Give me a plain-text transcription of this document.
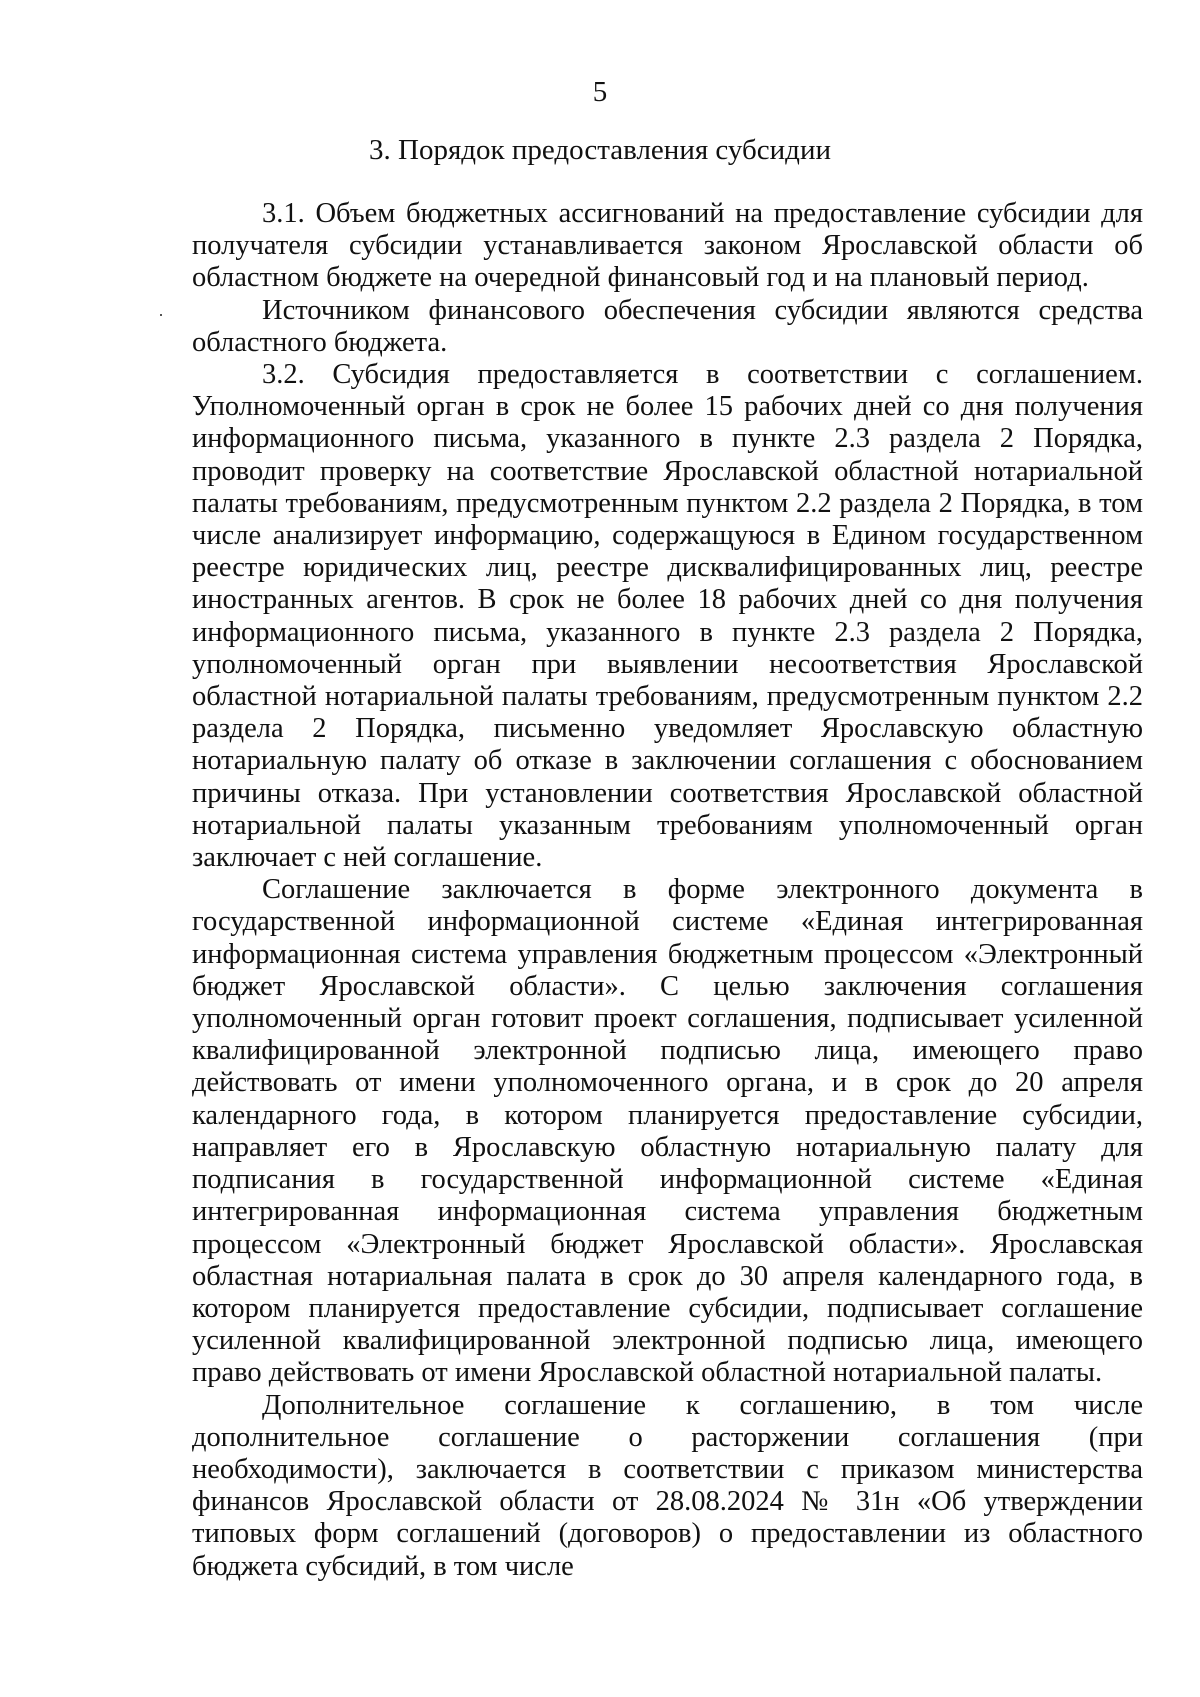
5
3. Порядок предоставления субсидии

3.1. Объем бюджетных ассигнований на предоставление субсидии для получателя субсидии устанавливается законом Ярославской области об областном бюджете на очередной финансовый год и на плановый период.

Источником финансового обеспечения субсидии являются средства областного бюджета.

3.2. Субсидия предоставляется в соответствии с соглашением. Уполномоченный орган в срок не более 15 рабочих дней со дня получения информационного письма, указанного в пункте 2.3 раздела 2 Порядка, проводит проверку на соответствие Ярославской областной нотариальной палаты требованиям, предусмотренным пунктом 2.2 раздела 2 Порядка, в том числе анализирует информацию, содержащуюся в Едином государственном реестре юридических лиц, реестре дисквалифицированных лиц, реестре иностранных агентов. В срок не более 18 рабочих дней со дня получения информационного письма, указанного в пункте 2.3 раздела 2 Порядка, уполномоченный орган при выявлении несоответствия Ярославской областной нотариальной палаты требованиям, предусмотренным пунктом 2.2 раздела 2 Порядка, письменно уведомляет Ярославскую областную нотариальную палату об отказе в заключении соглашения с обоснованием причины отказа. При установлении соответствия Ярославской областной нотариальной палаты указанным требованиям уполномоченный орган заключает с ней соглашение.

Соглашение заключается в форме электронного документа в государственной информационной системе «Единая интегрированная информационная система управления бюджетным процессом «Электронный бюджет Ярославской области». С целью заключения соглашения уполномоченный орган готовит проект соглашения, подписывает усиленной квалифицированной электронной подписью лица, имеющего право действовать от имени уполномоченного органа, и в срок до 20 апреля календарного года, в котором планируется предоставление субсидии, направляет его в Ярославскую областную нотариальную палату для подписания в государственной информационной системе «Единая интегрированная информационная система управления бюджетным процессом «Электронный бюджет Ярославской области». Ярославская областная нотариальная палата в срок до 30 апреля календарного года, в котором планируется предоставление субсидии, подписывает соглашение усиленной квалифицированной электронной подписью лица, имеющего право действовать от имени Ярославской областной нотариальной палаты.

Дополнительное соглашение к соглашению, в том числе дополнительное соглашение о расторжении соглашения (при необходимости), заключается в соответствии с приказом министерства финансов Ярославской области от 28.08.2024 № 31н «Об утверждении типовых форм соглашений (договоров) о предоставлении из областного бюджета субсидий, в том числе
